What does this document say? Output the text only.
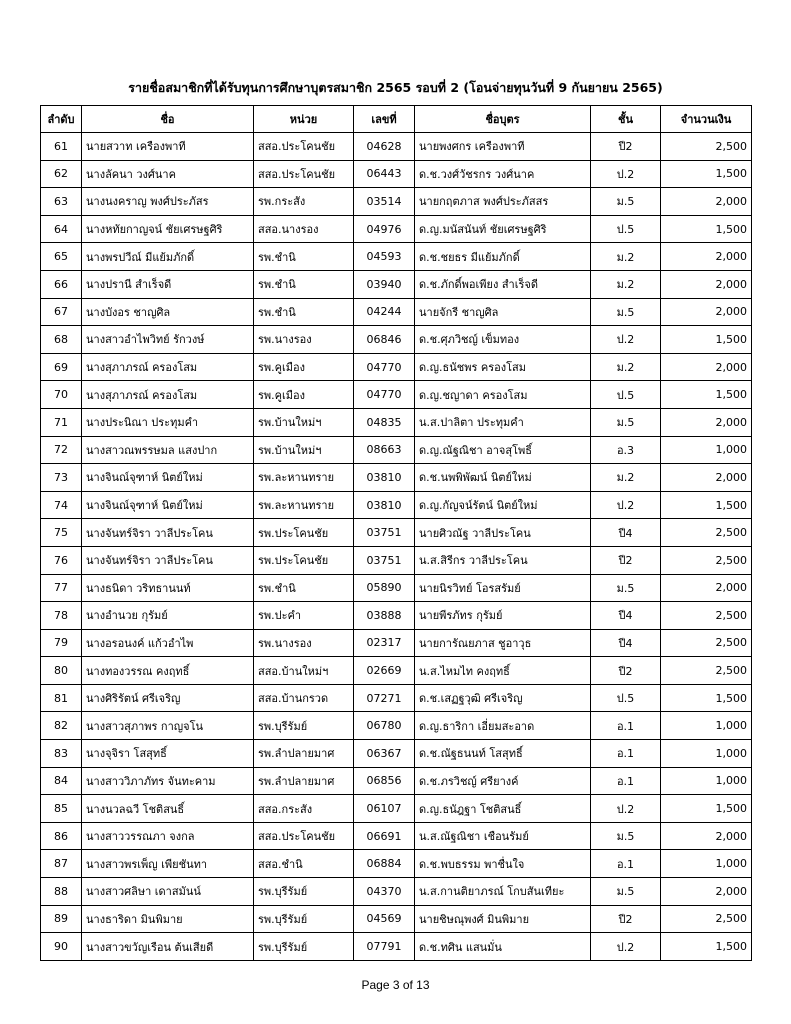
รายชื่อสมาชิกที่ได้รับทุนการศึกษาบุตรสมาชิก 2565 รอบที่ 2 (โอนจ่ายทุนวันที่ 9 กันยายน 2565)
ลำดับ	ชื่อ	หน่วย	เลขที่	ชื่อบุตร	ชั้น	จำนวนเงิน
61	นายสวาท เครืองพาที	สสอ.ประโคนชัย	04628	นายพงศกร เครืองพาที	ปี2	2,500
62	นางลัคนา วงศ์นาค	สสอ.ประโคนชัย	06443	ด.ช.วงศ์วัชรกร วงศ์นาค	ป.2	1,500
63	นางนงคราญ พงศ์ประภัสร	รพ.กระสัง	03514	นายกฤตภาส พงศ์ประภัสสร	ม.5	2,000
64	นางหทัยกาญจน์ ชัยเศรษฐศิริ	สสอ.นางรอง	04976	ด.ญ.มนัสนันท์ ชัยเศรษฐศิริ	ป.5	1,500
65	นางพรปวีณ์ มีแย้มภักดิ์	รพ.ชำนิ	04593	ด.ช.ชยธร มีแย้มภักดิ์	ม.2	2,000
66	นางปรานี สำเร็จดี	รพ.ชำนิ	03940	ด.ช.ภักดิ์พอเพียง สำเร็จดี	ม.2	2,000
67	นางบังอร ชาญศิล	รพ.ชำนิ	04244	นายจักรี ชาญศิล	ม.5	2,000
68	นางสาวอำไพวิทย์ รักวงษ์	รพ.นางรอง	06846	ด.ช.ศุภวิชญ์ เข็มทอง	ป.2	1,500
69	นางสุภาภรณ์ ครองโสม	รพ.คูเมือง	04770	ด.ญ.ธนัชพร ครองโสม	ม.2	2,000
70	นางสุภาภรณ์ ครองโสม	รพ.คูเมือง	04770	ด.ญ.ชญาดา ครองโสม	ป.5	1,500
71	นางประนิณา ประทุมคำ	รพ.บ้านใหม่ฯ	04835	น.ส.ปาลิตา ประทุมคำ	ม.5	2,000
72	นางสาวณพรรษมล แสงปาก	รพ.บ้านใหม่ฯ	08663	ด.ญ.ณัฐณิชา อาจสุโพธิ์	อ.3	1,000
73	นางจินณ์จุฑาห์ นิตย์ใหม่	รพ.ละหานทราย	03810	ด.ช.นพพิพัฒน์ นิตย์ใหม่	ม.2	2,000
74	นางจินณ์จุฑาห์ นิตย์ใหม่	รพ.ละหานทราย	03810	ด.ญ.กัญจน์รัตน์ นิตย์ใหม่	ป.2	1,500
75	นางจันทร์จิรา วาลีประโคน	รพ.ประโคนชัย	03751	นายศิวณัฐ วาลีประโคน	ปี4	2,500
76	นางจันทร์จิรา วาลีประโคน	รพ.ประโคนชัย	03751	น.ส.สิรีกร วาลีประโคน	ปี2	2,500
77	นางธนิดา วริทธานนท์	รพ.ชำนิ	05890	นายนิรวิทย์ โอรสรัมย์	ม.5	2,000
78	นางอำนวย กุรัมย์	รพ.ปะคำ	03888	นายพีรภัทร กุรัมย์	ปี4	2,500
79	นางอรอนงค์ แก้วอำไพ	รพ.นางรอง	02317	นายการัณยภาส ชูอาวุธ	ปี4	2,500
80	นางทองวรรณ คงฤทธิ์	สสอ.บ้านใหม่ฯ	02669	น.ส.ไหมไท คงฤทธิ์	ปี2	2,500
81	นางศิริรัตน์ ศรีเจริญ	สสอ.บ้านกรวด	07271	ด.ช.เสฏฐวุฒิ ศรีเจริญ	ป.5	1,500
82	นางสาวสุภาพร กาญจโน	รพ.บุรีรัมย์	06780	ด.ญ.ธาริกา เอี่ยมสะอาด	อ.1	1,000
83	นางจุจิรา โสสุทธิ์	รพ.ลำปลายมาศ	06367	ด.ช.ณัฐธนนท์ โสสุทธิ์	อ.1	1,000
84	นางสาววิภาภัทร จันทะคาม	รพ.ลำปลายมาศ	06856	ด.ช.ภรวิชญ์ ศรียางค์	อ.1	1,000
85	นางนวลฉวี โชติสนธิ์	สสอ.กระสัง	06107	ด.ญ.ธนัฎฐา โชติสนธิ์	ป.2	1,500
86	นางสาววรรณภา จงกล	สสอ.ประโคนชัย	06691	น.ส.ณัฐณิชา เชือนรัมย์	ม.5	2,000
87	นางสาวพรเพ็ญ เพียชันทา	สสอ.ชำนิ	06884	ด.ช.พบธรรม พาชื่นใจ	อ.1	1,000
88	นางสาวศลิษา เดาสมันน์	รพ.บุรีรัมย์	04370	น.ส.กานติยาภรณ์ โกบสันเทียะ	ม.5	2,000
89	นางธาริดา มินพิมาย	รพ.บุรีรัมย์	04569	นายชิษณุพงศ์ มินพิมาย	ปี2	2,500
90	นางสาวขวัญเรือน ต้นเสียดี	รพ.บุรีรัมย์	07791	ด.ช.ทศิน แสนมั่น	ป.2	1,500
Page 3 of 13
